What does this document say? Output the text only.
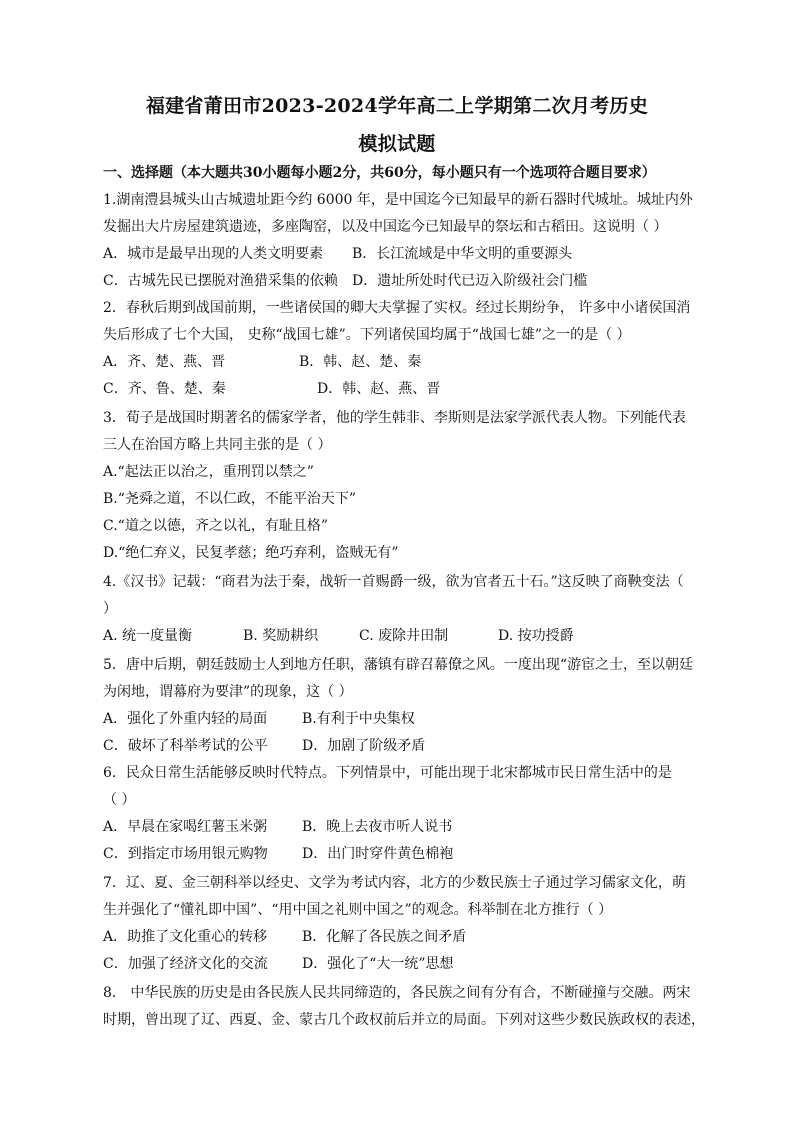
福建省莆田市2023-2024学年高二上学期第二次月考历史
模拟试题
一、选择题（本大题共30小题每小题2分，共60分，每小题只有一个选项符合题目要求）
1.湖南澧县城头山古城遗址距今约 6000 年，是中国迄今已知最早的新石器时代城址。城址内外
发掘出大片房屋建筑遗迹，多座陶窑，以及中国迄今已知最早的祭坛和古稻田。这说明（ ）
A．城市是最早出现的人类文明要素 B．长江流域是中华文明的重要源头
C．古城先民已摆脱对渔猎采集的依赖 D．遗址所处时代已迈入阶级社会门槛
2．春秋后期到战国前期，一些诸侯国的卿大夫掌握了实权。经过长期纷争， 许多中小诸侯国消
失后形成了七个大国， 史称“战国七雄”。下列诸侯国均属于“战国七雄”之一的是（ ）
A．齐、楚、燕、晋	B．韩、赵、楚、秦
C．齐、鲁、楚、秦	D．韩、赵、燕、晋
3．荀子是战国时期著名的儒家学者，他的学生韩非、李斯则是法家学派代表人物。下列能代表
三人在治国方略上共同主张的是（ ）
A.“起法正以治之，重刑罚以禁之”
B.“尧舜之道，不以仁政，不能平治天下”
C.“道之以德，齐之以礼，有耻且格”
D.“绝仁弃义，民复孝慈；绝巧弃利，盗贼无有”
4.《汉书》记载：“商君为法于秦，战斩一首赐爵一级，欲为官者五十石。”这反映了商鞅变法（
）
A. 统一度量衡	B. 奖励耕织	C. 废除井田制	D. 按功授爵
5．唐中后期，朝廷鼓励士人到地方任职，藩镇有辟召幕僚之风。一度出现“游宦之士，至以朝廷
为闲地，谓幕府为要津”的现象，这（ ）
A．强化了外重内轻的局面 B.有利于中央集权
C．破坏了科举考试的公平 D．加剧了阶级矛盾
6．民众日常生活能够反映时代特点。下列情景中，可能出现于北宋都城市民日常生活中的是
（ ）
A．早晨在家喝红薯玉米粥 B．晚上去夜市听人说书
C．到指定市场用银元购物 D．出门时穿件黄色棉袍
7．辽、夏、金三朝科举以经史、文学为考试内容，北方的少数民族士子通过学习儒家文化，萌
生并强化了“懂礼即中国”、“用中国之礼则中国之”的观念。科举制在北方推行（ ）
A．助推了文化重心的转移 B．化解了各民族之间矛盾
C．加强了经济文化的交流 D．强化了“大一统”思想
8． 中华民族的历史是由各民族人民共同缔造的，各民族之间有分有合，不断碰撞与交融。两宋
时期，曾出现了辽、西夏、金、蒙古几个政权前后并立的局面。下列对这些少数民族政权的表述，
